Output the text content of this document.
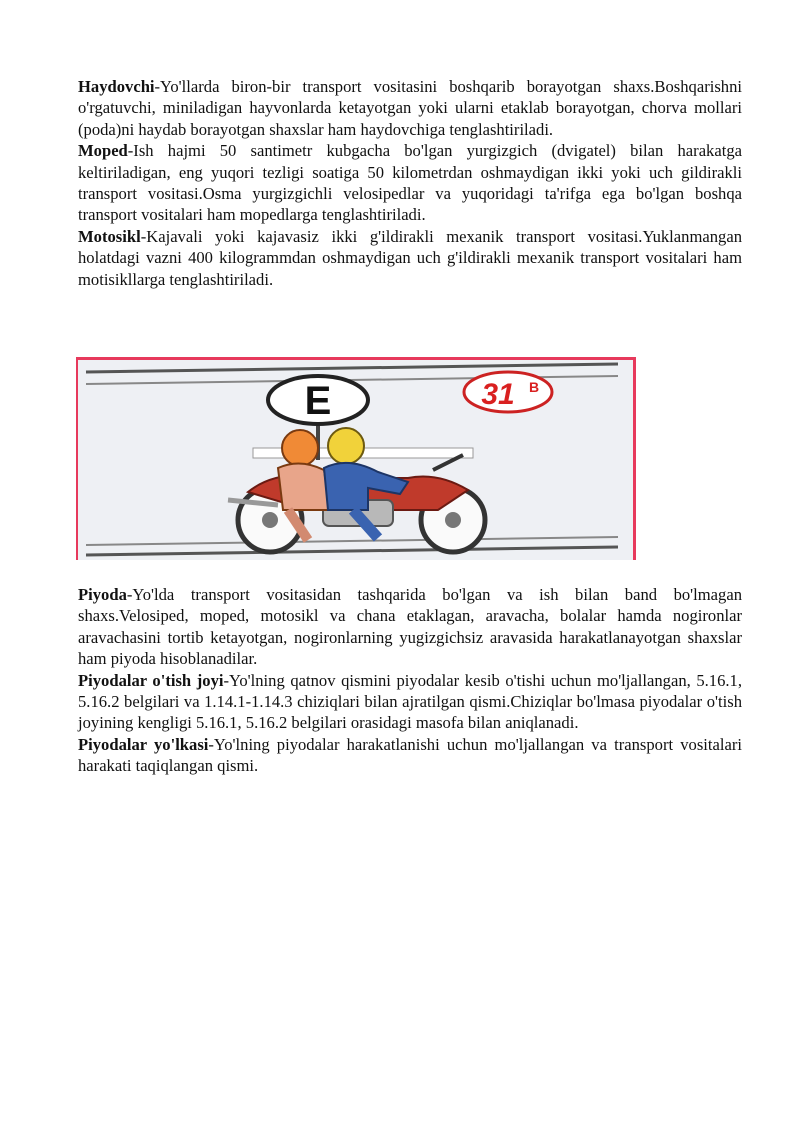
Haydovchi-Yo'llarda biron-bir transport vositasini boshqarib borayotgan shaxs.Boshqarishni o'rgatuvchi, miniladigan hayvonlarda ketayotgan yoki ularni etaklab borayotgan, chorva mollari (poda)ni haydab borayotgan shaxslar ham haydovchiga tenglashtiriladi.

Moped-Ish hajmi 50 santimetr kubgacha bo'lgan yurgizgich (dvigatel) bilan harakatga keltiriladigan, eng yuqori tezligi soatiga 50 kilometrdan oshmaydigan ikki yoki uch gildirakli transport vositasi.Osma yurgizgichli velosipedlar va yuqoridagi ta'rifga ega bo'lgan boshqa transport vositalari ham mopedlarga tenglashtiriladi.

Motosikl-Kajavali yoki kajavasiz ikki g'ildirakli mexanik transport vositasi.Yuklanmangan holatdagi vazni 400 kilogrammdan oshmaydigan uch g'ildirakli mexanik transport vositalari ham motisikllarga tenglashtiriladi.

E	31 B

Piyoda-Yo'lda transport vositasidan tashqarida bo'lgan va ish bilan band bo'lmagan shaxs.Velosiped, moped, motosikl va chana etaklagan, aravacha, bolalar hamda nogironlar aravachasini tortib ketayotgan, nogironlarning yugizgichsiz aravasida harakatlanayotgan shaxslar ham piyoda hisoblanadilar.

Piyodalar o'tish joyi-Yo'lning qatnov qismini piyodalar kesib o'tishi uchun mo'ljallangan, 5.16.1, 5.16.2 belgilari va 1.14.1-1.14.3 chiziqlari bilan ajratilgan qismi.Chiziqlar bo'lmasa piyodalar o'tish joyining kengligi 5.16.1, 5.16.2 belgilari orasidagi masofa bilan aniqlanadi.

Piyodalar yo'lkasi-Yo'lning piyodalar harakatlanishi uchun mo'ljallangan va transport vositalari harakati taqiqlangan qismi.
